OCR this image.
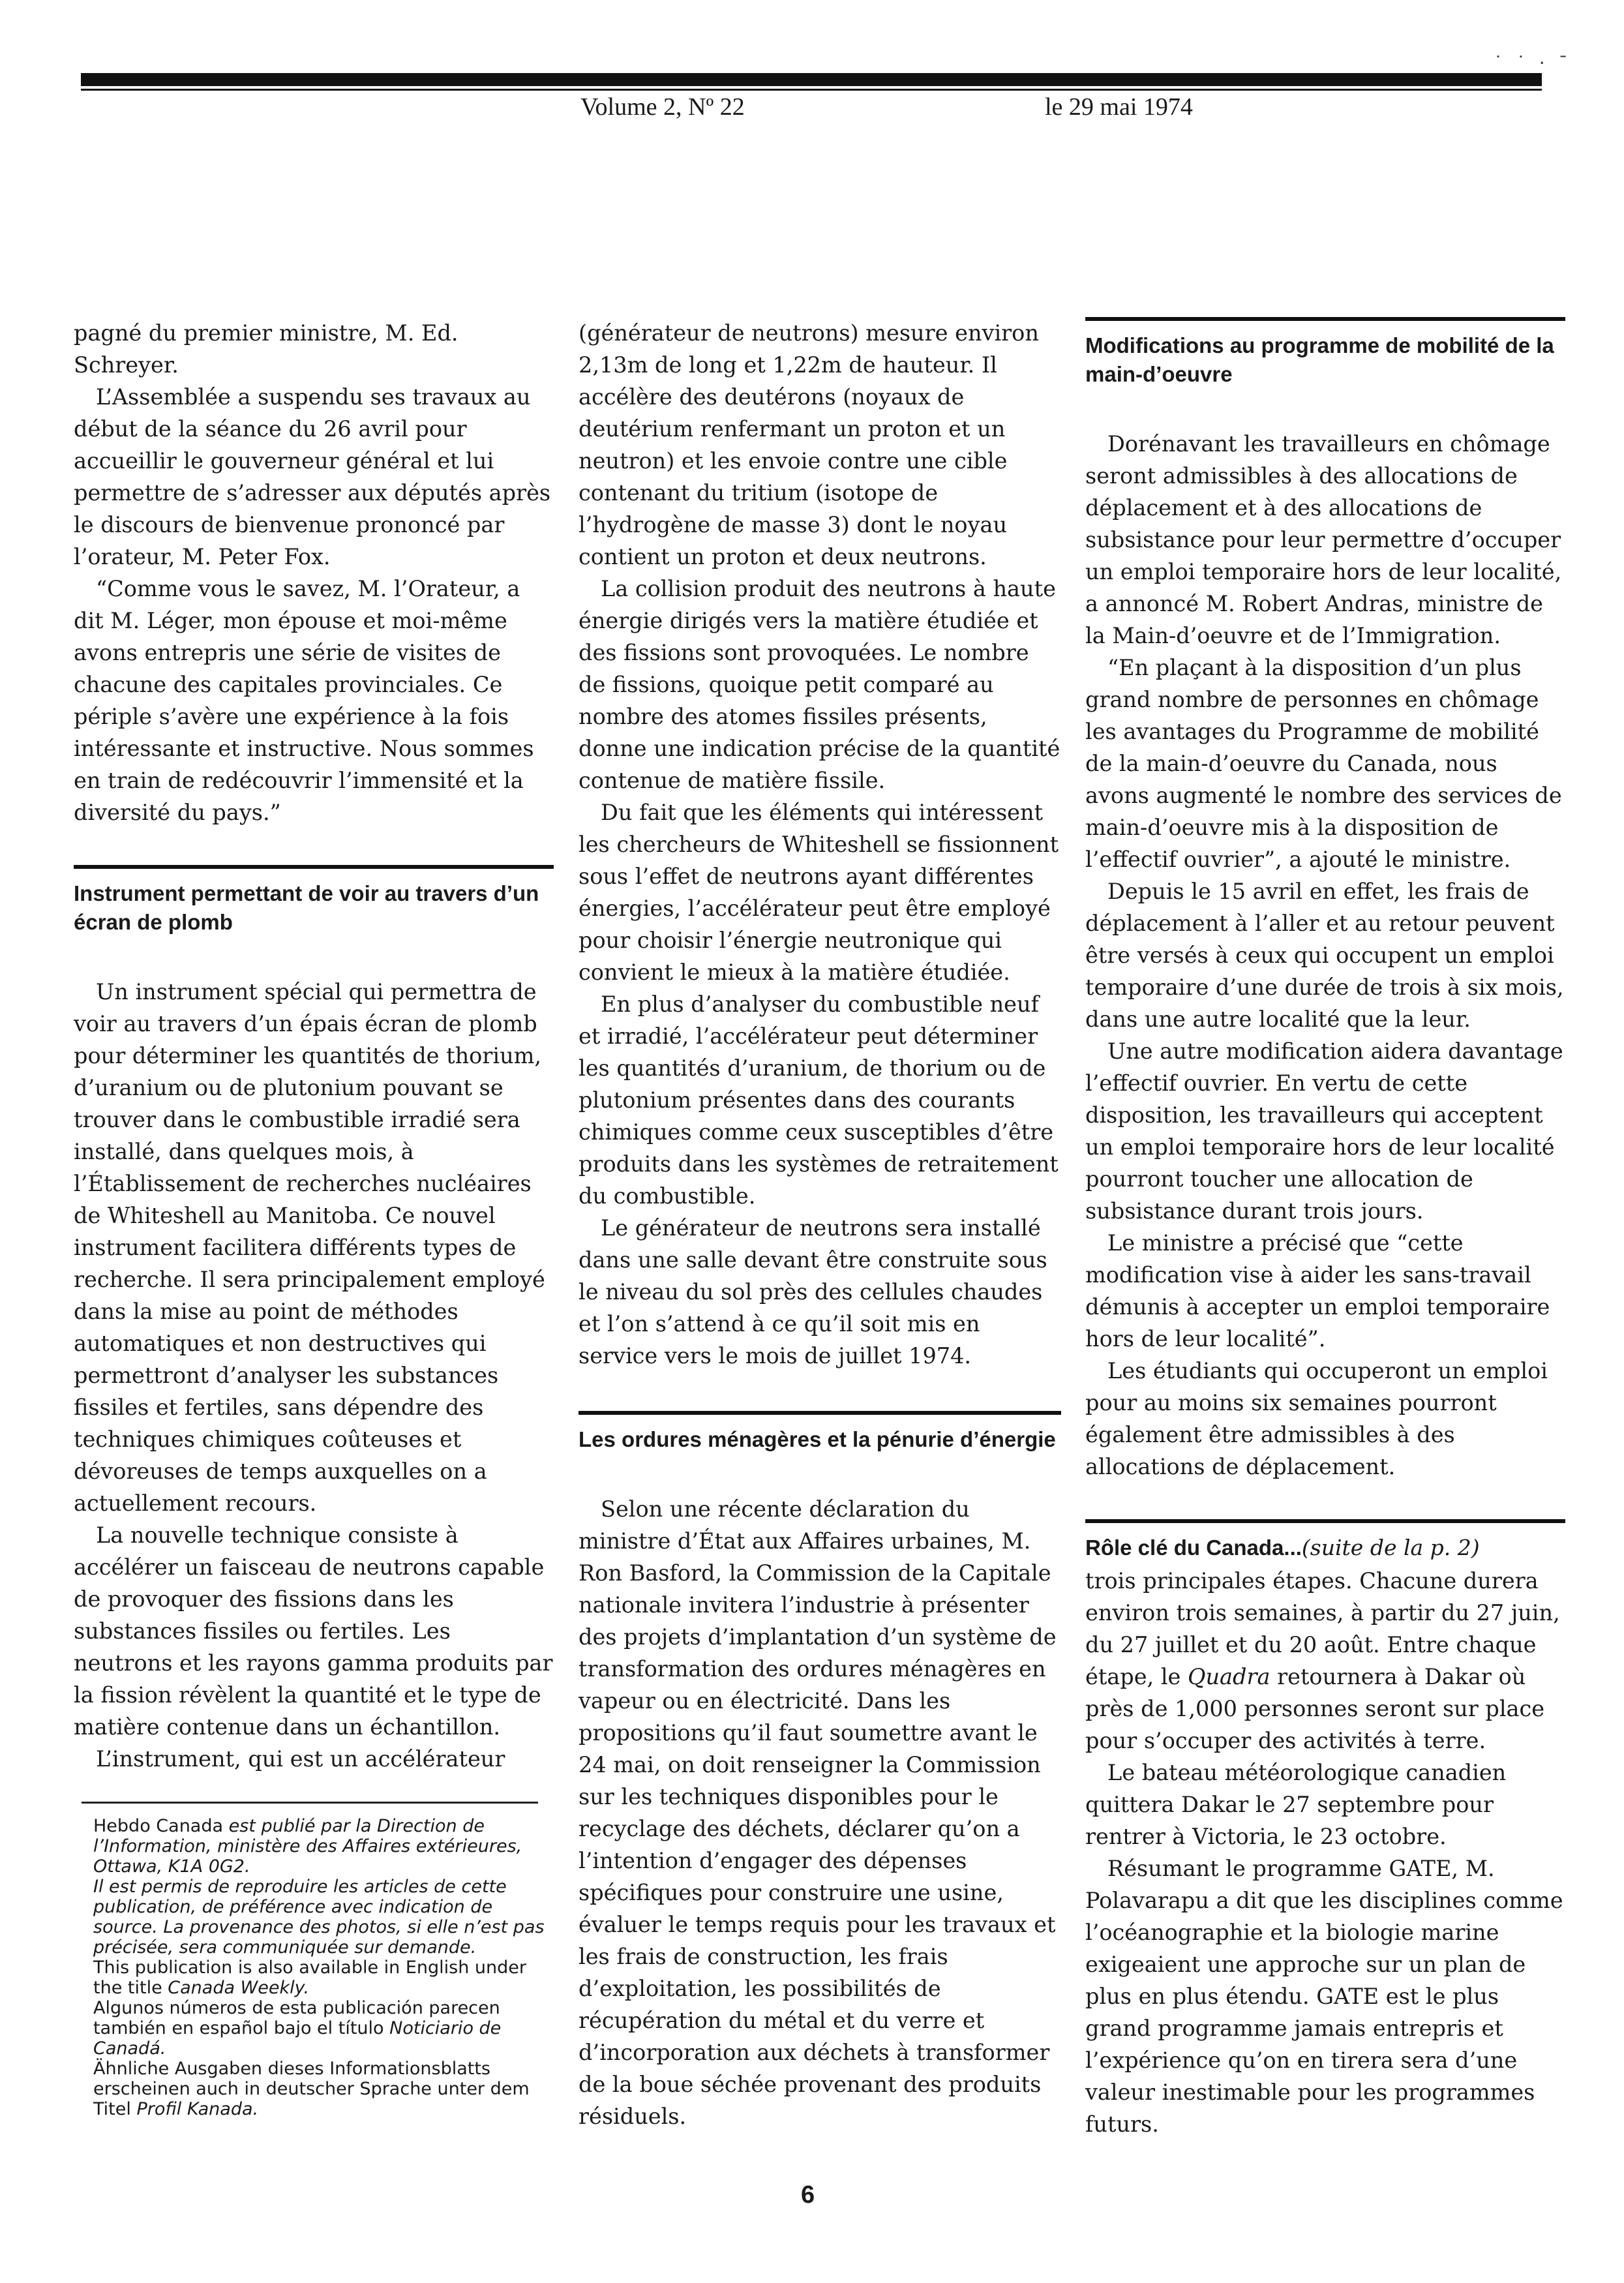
˙ ˙ · ˉ
Volume 2, Nº 22	le 29 mai 1974

pagné du premier ministre, M. Ed. Schreyer.

L’Assemblée a suspendu ses travaux au début de la séance du 26 avril pour accueillir le gouverneur général et lui permettre de s’adresser aux députés après le discours de bienvenue prononcé par l’orateur, M. Peter Fox.

“Comme vous le savez, M. l’Orateur, a dit M. Léger, mon épouse et moi-même avons entrepris une série de visites de chacune des capitales provinciales. Ce périple s’avère une expérience à la fois intéressante et instructive. Nous sommes en train de redécouvrir l’immensité et la diversité du pays.”

Instrument permettant de voir au travers d’un écran de plomb

Un instrument spécial qui permettra de voir au travers d’un épais écran de plomb pour déterminer les quantités de thorium, d’uranium ou de plutonium pouvant se trouver dans le combustible irradié sera installé, dans quelques mois, à l’Établissement de recherches nucléaires de Whiteshell au Manitoba. Ce nouvel instrument facilitera différents types de recherche. Il sera principalement employé dans la mise au point de méthodes automatiques et non destructives qui permettront d’analyser les substances fissiles et fertiles, sans dépendre des techniques chimiques coûteuses et dévoreuses de temps auxquelles on a actuellement recours.

La nouvelle technique consiste à accélérer un faisceau de neutrons capable de provoquer des fissions dans les substances fissiles ou fertiles. Les neutrons et les rayons gamma produits par la fission révèlent la quantité et le type de matière contenue dans un échantillon.

L’instrument, qui est un accélérateur

Hebdo Canada est publié par la Direction de l’Information, ministère des Affaires extérieures, Ottawa, K1A 0G2.

Il est permis de reproduire les articles de cette publication, de préférence avec indication de source. La provenance des photos, si elle n’est pas précisée, sera communiquée sur demande.

This publication is also available in English under the title Canada Weekly.

Algunos números de esta publicación parecen también en español bajo el título Noticiario de Canadá.

Ähnliche Ausgaben dieses Informationsblatts erscheinen auch in deutscher Sprache unter dem Titel Profil Kanada.

(générateur de neutrons) mesure environ 2,13m de long et 1,22m de hauteur. Il accélère des deutérons (noyaux de deutérium renfermant un proton et un neutron) et les envoie contre une cible contenant du tritium (isotope de l’hydrogène de masse 3) dont le noyau contient un proton et deux neutrons.

La collision produit des neutrons à haute énergie dirigés vers la matière étudiée et des fissions sont provoquées. Le nombre de fissions, quoique petit comparé au nombre des atomes fissiles présents, donne une indication précise de la quantité contenue de matière fissile.

Du fait que les éléments qui intéressent les chercheurs de Whiteshell se fissionnent sous l’effet de neutrons ayant différentes énergies, l’accélérateur peut être employé pour choisir l’énergie neutronique qui convient le mieux à la matière étudiée.

En plus d’analyser du combustible neuf et irradié, l’accélérateur peut déterminer les quantités d’uranium, de thorium ou de plutonium présentes dans des courants chimiques comme ceux susceptibles d’être produits dans les systèmes de retraitement du combustible.

Le générateur de neutrons sera installé dans une salle devant être construite sous le niveau du sol près des cellules chaudes et l’on s’attend à ce qu’il soit mis en service vers le mois de juillet 1974.

Les ordures ménagères et la pénurie d’énergie

Selon une récente déclaration du ministre d’État aux Affaires urbaines, M. Ron Basford, la Commission de la Capitale nationale invitera l’industrie à présenter des projets d’implantation d’un système de transformation des ordures ménagères en vapeur ou en électricité. Dans les propositions qu’il faut soumettre avant le 24 mai, on doit renseigner la Commission sur les techniques disponibles pour le recyclage des déchets, déclarer qu’on a l’intention d’engager des dépenses spécifiques pour construire une usine, évaluer le temps requis pour les travaux et les frais de construction, les frais d’exploitation, les possibilités de récupération du métal et du verre et d’incorporation aux déchets à transformer de la boue séchée provenant des produits résiduels.

Modifications au programme de mobilité de la main-d’oeuvre

Dorénavant les travailleurs en chômage seront admissibles à des allocations de déplacement et à des allocations de subsistance pour leur permettre d’occuper un emploi temporaire hors de leur localité, a annoncé M. Robert Andras, ministre de la Main-d’oeuvre et de l’Immigration.

“En plaçant à la disposition d’un plus grand nombre de personnes en chômage les avantages du Programme de mobilité de la main-d’oeuvre du Canada, nous avons augmenté le nombre des services de main-d’oeuvre mis à la disposition de l’effectif ouvrier”, a ajouté le ministre.

Depuis le 15 avril en effet, les frais de déplacement à l’aller et au retour peuvent être versés à ceux qui occupent un emploi temporaire d’une durée de trois à six mois, dans une autre localité que la leur.

Une autre modification aidera davantage l’effectif ouvrier. En vertu de cette disposition, les travailleurs qui acceptent un emploi temporaire hors de leur localité pourront toucher une allocation de subsistance durant trois jours.

Le ministre a précisé que “cette modification vise à aider les sans-travail démunis à accepter un emploi temporaire hors de leur localité”.

Les étudiants qui occuperont un emploi pour au moins six semaines pourront également être admissibles à des allocations de déplacement.

Rôle clé du Canada...(suite de la p. 2)

trois principales étapes. Chacune durera environ trois semaines, à partir du 27 juin, du 27 juillet et du 20 août. Entre chaque étape, le Quadra retournera à Dakar où près de 1,000 personnes seront sur place pour s’occuper des activités à terre.

Le bateau météorologique canadien quittera Dakar le 27 septembre pour rentrer à Victoria, le 23 octobre.

Résumant le programme GATE, M. Polavarapu a dit que les disciplines comme l’océanographie et la biologie marine exigeaient une approche sur un plan de plus en plus étendu. GATE est le plus grand programme jamais entrepris et l’expérience qu’on en tirera sera d’une valeur inestimable pour les programmes futurs.

6
